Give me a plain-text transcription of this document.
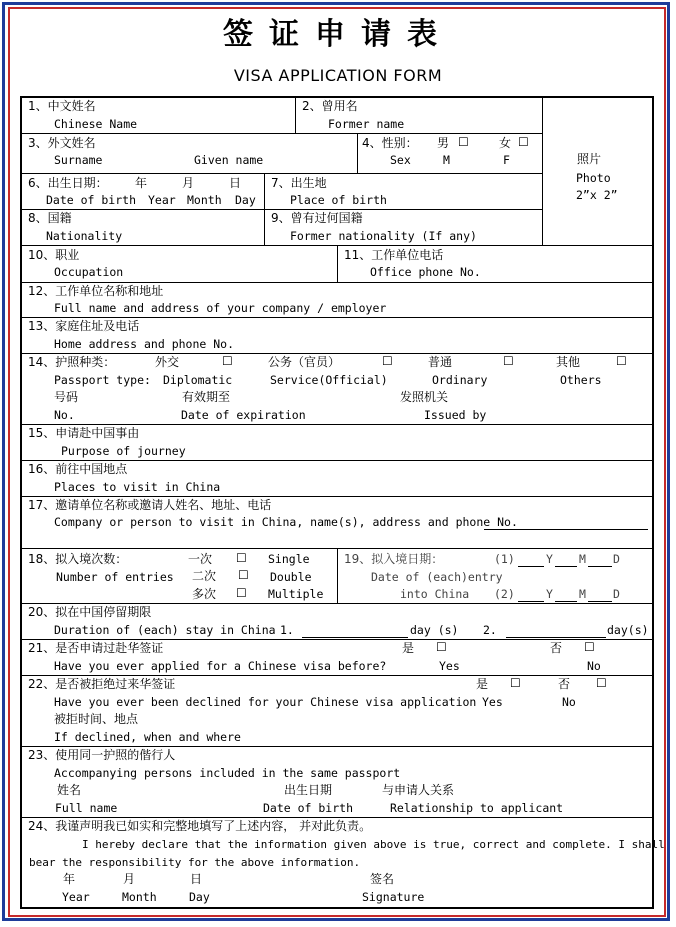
签证申请表
VISA APPLICATION FORM
照片
Photo
2”x 2”
1、中文姓名
Chinese Name
2、曾用名
Former name
3、外文姓名
Surname	Given name
4、性别： 男 ☐	女 ☐
Sex	M	F
6、出生日期： 年	月	日
Date of birth Year Month Day
7、出生地
Place of birth
8、国籍
Nationality
9、曾有过何国籍
Former nationality (If any)
10、职业
Occupation
11、工作单位电话
Office phone No.
12、工作单位名称和地址
Full name and address of your company / employer
13、家庭住址及电话
Home address and phone No.
14、护照种类：	外交	☐	公务（官员）	☐	普通	☐	其他	☐
Passport type: Diplomatic	Service(Official)	Ordinary	Others
号码	有效期至	发照机关
No.	Date of expiration	Issued by
15、申请赴中国事由
Purpose of journey
16、前往中国地点
Places to visit in China
17、邀请单位名称或邀请人姓名、地址、电话
Company or person to visit in China, name(s), address and phone No.
18、拟入境次数：	一次 ☐ Single
Number of entries 二次 ☐ Double
多次 ☐ Multiple
19、拟入境日期：	(1)	Y M D
Date of (each)entry
into China (2)	Y M D
20、拟在中国停留期限
Duration of (each) stay in China 1.	day (s) 2.	day(s)
21、是否申请过赴华签证	是 ☐	否 ☐
Have you ever applied for a Chinese visa before?	Yes	No
22、是否被拒绝过来华签证	是 ☐	否 ☐
Have you ever been declined for your Chinese visa application Yes	No
被拒时间、地点
If declined, when and where
23、使用同一护照的偕行人
Accompanying persons included in the same passport
姓名	出生日期	与申请人关系
Full name	Date of birth	Relationship to applicant
24、我谨声明我已如实和完整地填写了上述内容， 并对此负责。
I hereby declare that the information given above is true, correct and complete. I shall
bear the responsibility for the above information.
年	月	日	签名
Year	Month	Day	Signature
